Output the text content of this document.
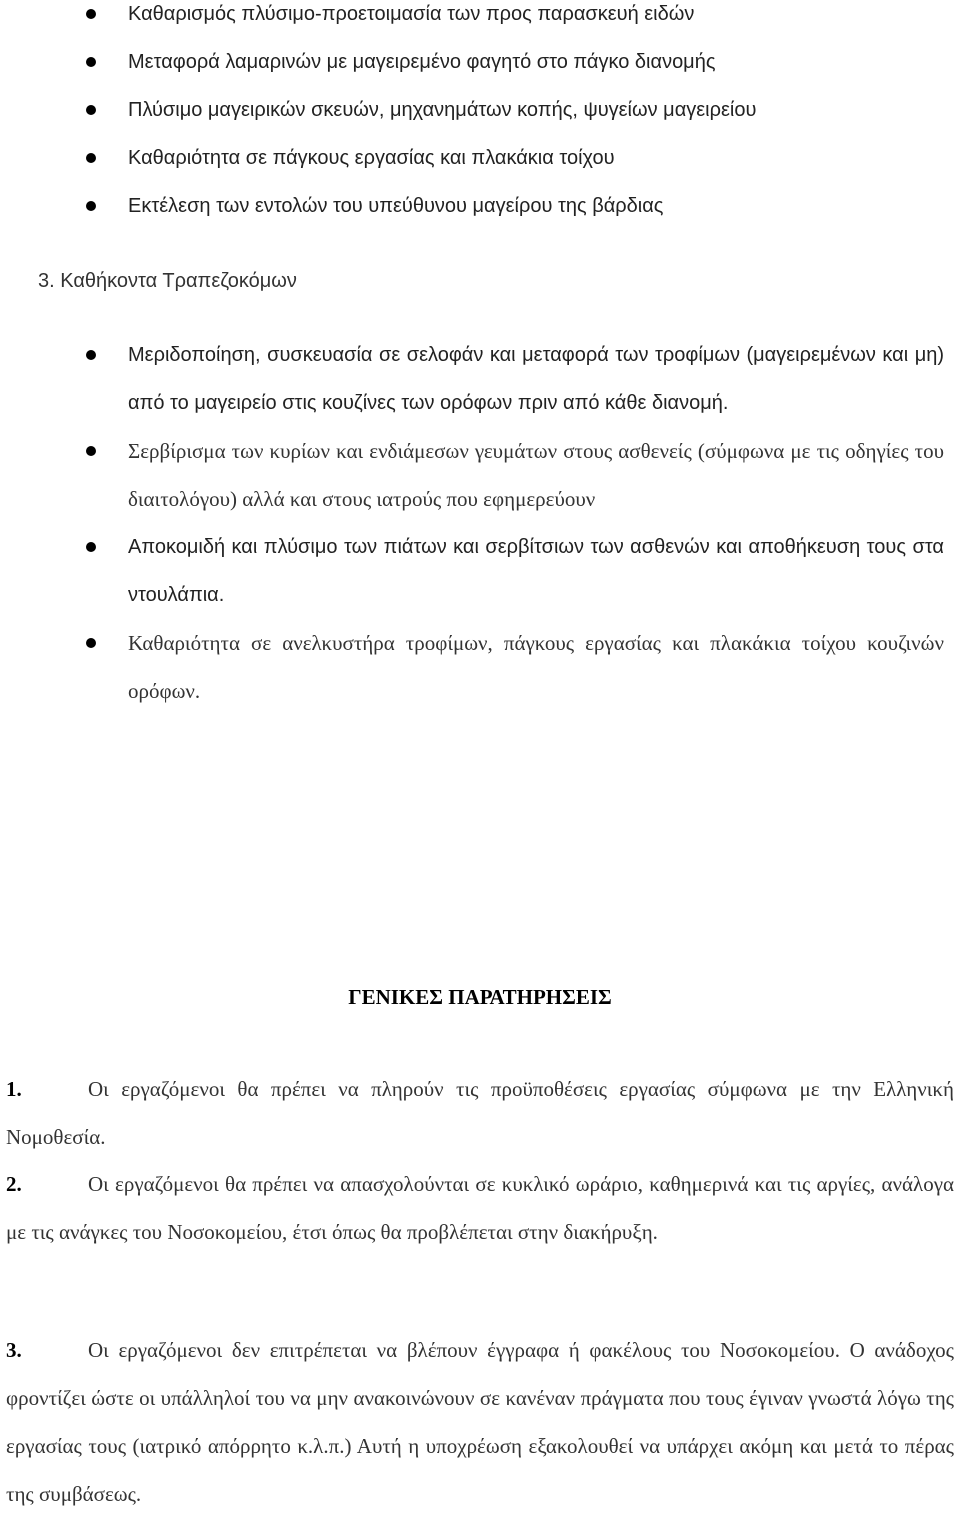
Καθαρισμός πλύσιμο-προετοιμασία των προς παρασκευή ειδών
Μεταφορά λαμαρινών με μαγειρεμένο φαγητό στο πάγκο διανομής
Πλύσιμο μαγειρικών σκευών, μηχανημάτων κοπής, ψυγείων μαγειρείου
Καθαριότητα σε πάγκους εργασίας και πλακάκια τοίχου
Εκτέλεση των εντολών του υπεύθυνου μαγείρου της βάρδιας
3. Καθήκοντα Τραπεζοκόμων
Μεριδοποίηση, συσκευασία σε σελοφάν και μεταφορά των τροφίμων (μαγειρεμένων και μη) από το μαγειρείο στις κουζίνες των ορόφων πριν από κάθε διανομή.
Σερβίρισμα των κυρίων και ενδιάμεσων γευμάτων στους ασθενείς (σύμφωνα με τις οδηγίες του διαιτολόγου) αλλά και στους ιατρούς που εφημερεύουν
Αποκομιδή και πλύσιμο των πιάτων και σερβίτσιων των ασθενών και αποθήκευση τους στα ντουλάπια.
Καθαριότητα σε ανελκυστήρα τροφίμων, πάγκους εργασίας και πλακάκια τοίχου κουζινών ορόφων.
ΓΕΝΙΚΕΣ ΠΑΡΑΤΗΡΗΣΕΙΣ

1.	Οι εργαζόμενοι θα πρέπει να πληρούν τις προϋποθέσεις εργασίας σύμφωνα με την Ελληνική Νομοθεσία.

2.	Οι εργαζόμενοι θα πρέπει να απασχολούνται σε κυκλικό ωράριο, καθημερινά και τις αργίες, ανάλογα με τις ανάγκες του Νοσοκομείου, έτσι όπως θα προβλέπεται στην διακήρυξη.

3.	Οι εργαζόμενοι δεν επιτρέπεται να βλέπουν έγγραφα ή φακέλους του Νοσοκομείου. Ο ανάδοχος φροντίζει ώστε οι υπάλληλοί του να μην ανακοινώνουν σε κανέναν πράγματα που τους έγιναν γνωστά λόγω της εργασίας τους (ιατρικό απόρρητο κ.λ.π.) Αυτή η υποχρέωση εξακολουθεί να υπάρχει ακόμη και μετά το πέρας της συμβάσεως.
